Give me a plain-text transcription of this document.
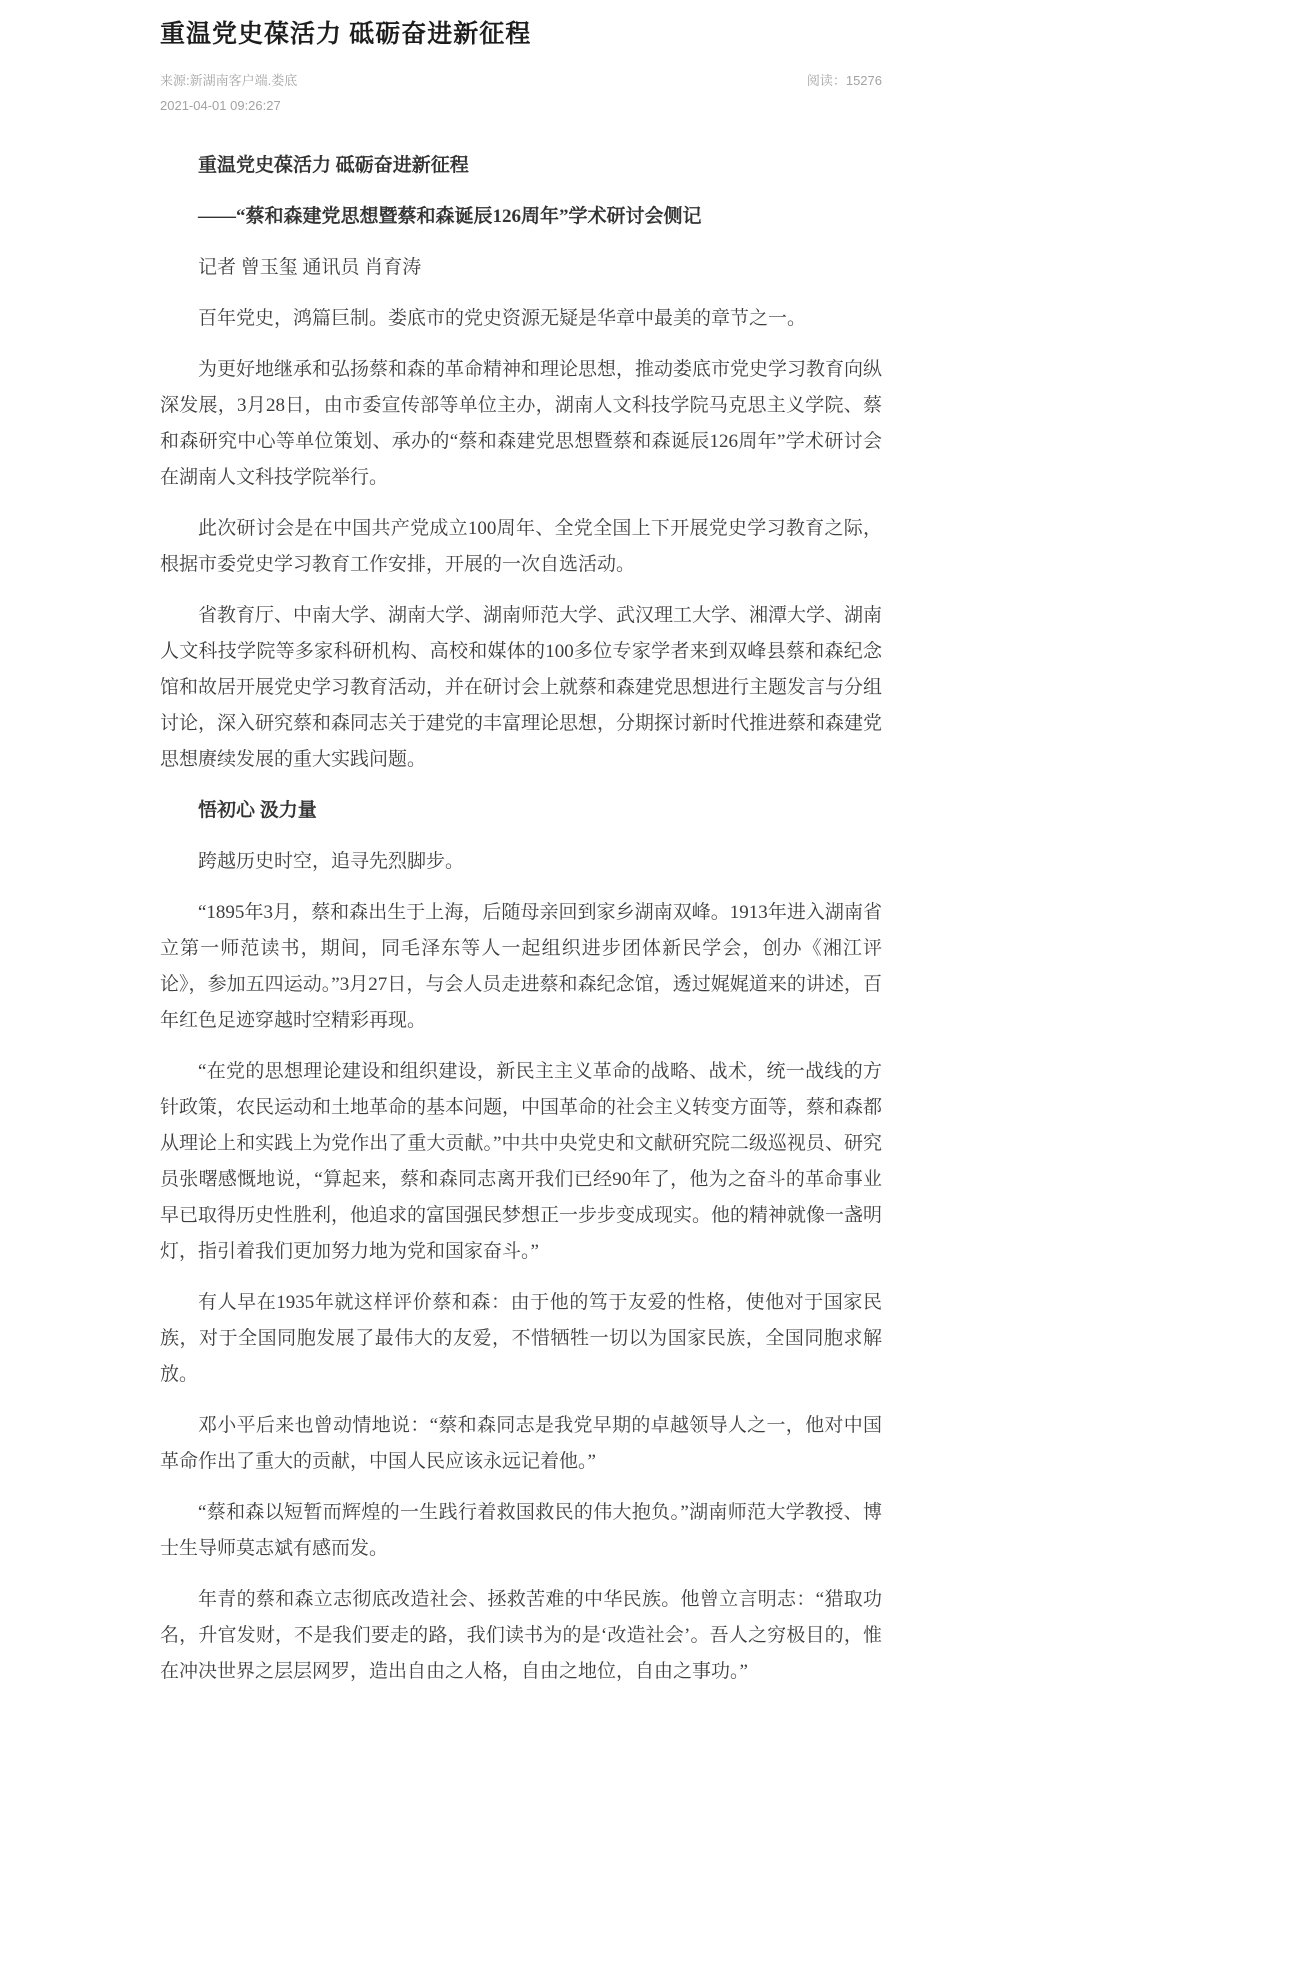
重温党史葆活力 砥砺奋进新征程
来源:新湖南客户端.娄底
2021-04-01 09:26:27
阅读：15276

重温党史葆活力 砥砺奋进新征程

——“蔡和森建党思想暨蔡和森诞辰126周年”学术研讨会侧记

记者 曾玉玺 通讯员 肖育涛

百年党史，鸿篇巨制。娄底市的党史资源无疑是华章中最美的章节之一。

为更好地继承和弘扬蔡和森的革命精神和理论思想，推动娄底市党史学习教育向纵深发展，3月28日，由市委宣传部等单位主办，湖南人文科技学院马克思主义学院、蔡和森研究中心等单位策划、承办的“蔡和森建党思想暨蔡和森诞辰126周年”学术研讨会在湖南人文科技学院举行。

此次研讨会是在中国共产党成立100周年、全党全国上下开展党史学习教育之际，根据市委党史学习教育工作安排，开展的一次自选活动。

省教育厅、中南大学、湖南大学、湖南师范大学、武汉理工大学、湘潭大学、湖南人文科技学院等多家科研机构、高校和媒体的100多位专家学者来到双峰县蔡和森纪念馆和故居开展党史学习教育活动，并在研讨会上就蔡和森建党思想进行主题发言与分组讨论，深入研究蔡和森同志关于建党的丰富理论思想，分期探讨新时代推进蔡和森建党思想赓续发展的重大实践问题。

悟初心 汲力量

跨越历史时空，追寻先烈脚步。

“1895年3月，蔡和森出生于上海，后随母亲回到家乡湖南双峰。1913年进入湖南省立第一师范读书，期间，同毛泽东等人一起组织进步团体新民学会，创办《湘江评论》，参加五四运动。”3月27日，与会人员走进蔡和森纪念馆，透过娓娓道来的讲述，百年红色足迹穿越时空精彩再现。

“在党的思想理论建设和组织建设，新民主主义革命的战略、战术，统一战线的方针政策，农民运动和土地革命的基本问题，中国革命的社会主义转变方面等，蔡和森都从理论上和实践上为党作出了重大贡献。”中共中央党史和文献研究院二级巡视员、研究员张曙感慨地说，“算起来，蔡和森同志离开我们已经90年了，他为之奋斗的革命事业早已取得历史性胜利，他追求的富国强民梦想正一步步变成现实。他的精神就像一盏明灯，指引着我们更加努力地为党和国家奋斗。”

有人早在1935年就这样评价蔡和森：由于他的笃于友爱的性格，使他对于国家民族，对于全国同胞发展了最伟大的友爱，不惜牺牲一切以为国家民族，全国同胞求解放。

邓小平后来也曾动情地说：“蔡和森同志是我党早期的卓越领导人之一，他对中国革命作出了重大的贡献，中国人民应该永远记着他。”

“蔡和森以短暂而辉煌的一生践行着救国救民的伟大抱负。”湖南师范大学教授、博士生导师莫志斌有感而发。

年青的蔡和森立志彻底改造社会、拯救苦难的中华民族。他曾立言明志：“猎取功名，升官发财，不是我们要走的路，我们读书为的是‘改造社会’。吾人之穷极目的，惟在冲决世界之层层网罗，造出自由之人格，自由之地位，自由之事功。”
